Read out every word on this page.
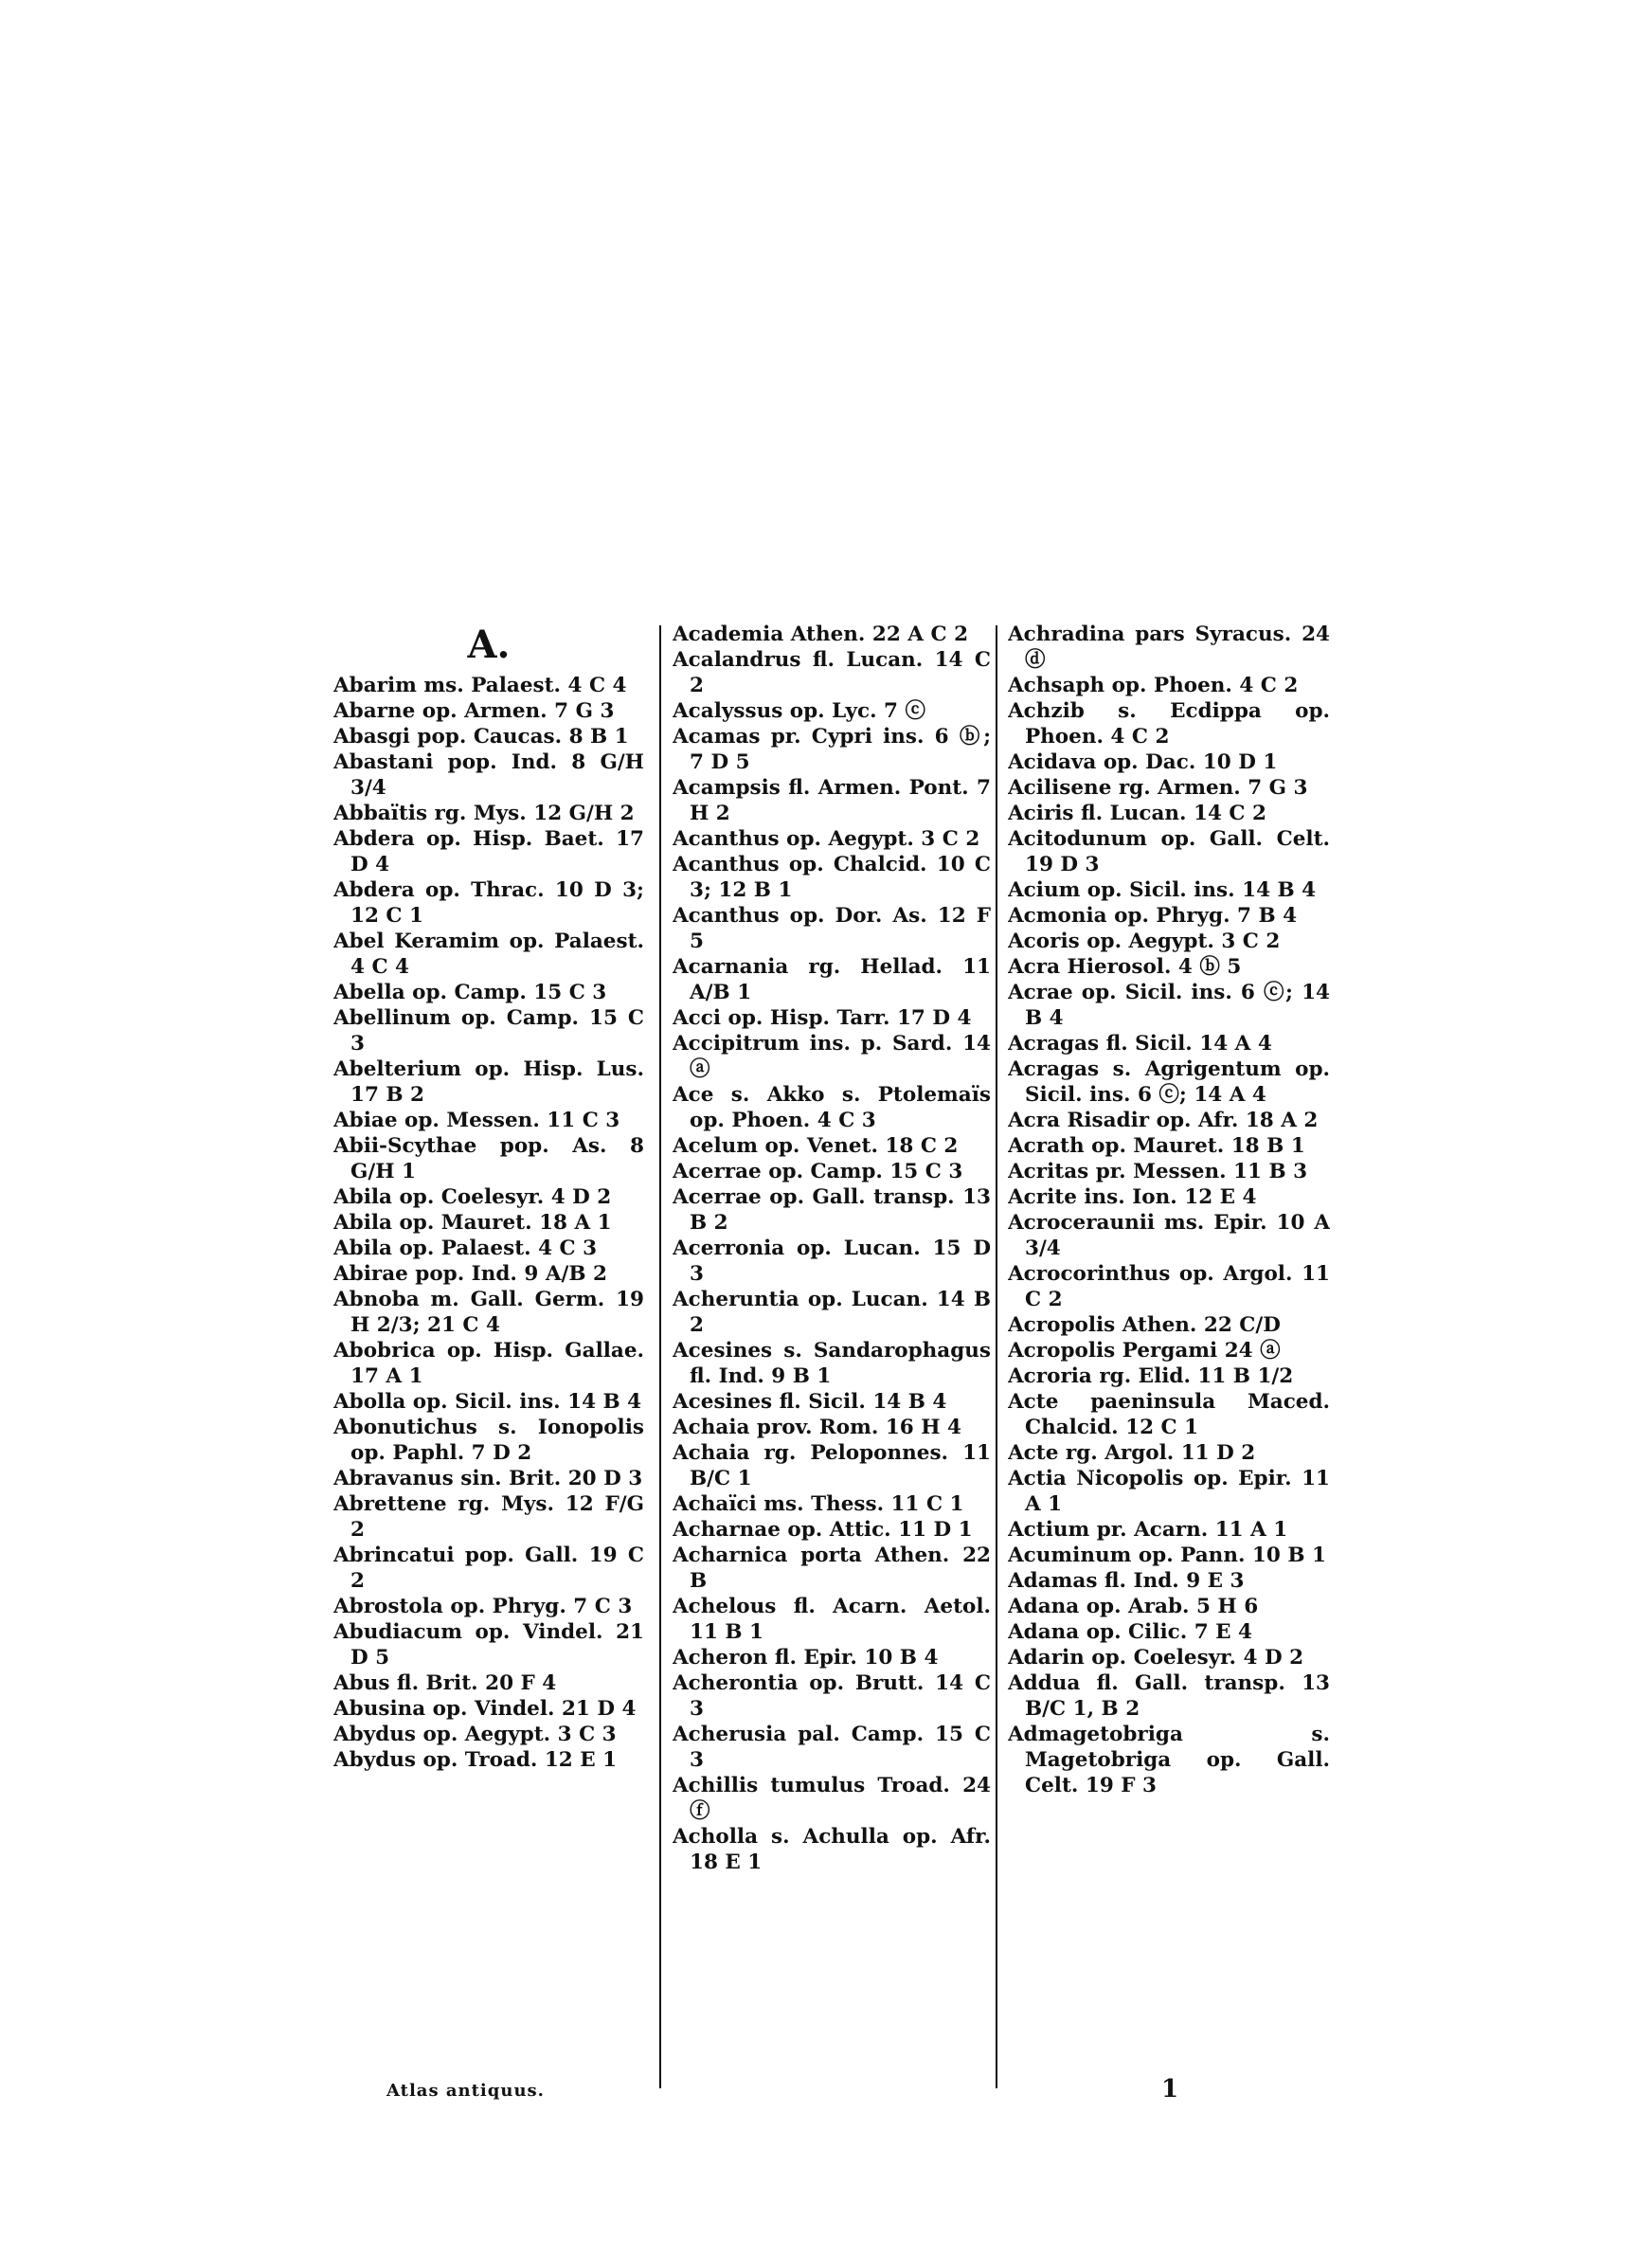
A.

Abarim ms. Palaest. 4 C 4

Abarne op. Armen. 7 G 3

Abasgi pop. Caucas. 8 B 1

Abastani pop. Ind. 8 G/H 3/4

Abbaïtis rg. Mys. 12 G/H 2

Abdera op. Hisp. Baet. 17 D 4

Abdera op. Thrac. 10 D 3; 12 C 1

Abel Keramim op. Palaest. 4 C 4

Abella op. Camp. 15 C 3

Abellinum op. Camp. 15 C 3

Abelterium op. Hisp. Lus. 17 B 2

Abiae op. Messen. 11 C 3

Abii-Scythae pop. As. 8 G/H 1

Abila op. Coelesyr. 4 D 2

Abila op. Mauret. 18 A 1

Abila op. Palaest. 4 C 3

Abirae pop. Ind. 9 A/B 2

Abnoba m. Gall. Germ. 19 H 2/3; 21 C 4

Abobrica op. Hisp. Gallae. 17 A 1

Abolla op. Sicil. ins. 14 B 4

Abonutichus s. Ionopolis op. Paphl. 7 D 2

Abravanus sin. Brit. 20 D 3

Abrettene rg. Mys. 12 F/G 2

Abrincatui pop. Gall. 19 C 2

Abrostola op. Phryg. 7 C 3

Abudiacum op. Vindel. 21 D 5

Abus fl. Brit. 20 F 4

Abusina op. Vindel. 21 D 4

Abydus op. Aegypt. 3 C 3

Abydus op. Troad. 12 E 1

Academia Athen. 22 A C 2

Acalandrus fl. Lucan. 14 C 2

Acalyssus op. Lyc. 7 ⓒ

Acamas pr. Cypri ins. 6 ⓑ; 7 D 5

Acampsis fl. Armen. Pont. 7 H 2

Acanthus op. Aegypt. 3 C 2

Acanthus op. Chalcid. 10 C 3; 12 B 1

Acanthus op. Dor. As. 12 F 5

Acarnania rg. Hellad. 11 A/B 1

Acci op. Hisp. Tarr. 17 D 4

Accipitrum ins. p. Sard. 14 ⓐ

Ace s. Akko s. Ptolemaïs op. Phoen. 4 C 3

Acelum op. Venet. 18 C 2

Acerrae op. Camp. 15 C 3

Acerrae op. Gall. transp. 13 B 2

Acerronia op. Lucan. 15 D 3

Acheruntia op. Lucan. 14 B 2

Acesines s. Sandarophagus fl. Ind. 9 B 1

Acesines fl. Sicil. 14 B 4

Achaia prov. Rom. 16 H 4

Achaia rg. Peloponnes. 11 B/C 1

Achaïci ms. Thess. 11 C 1

Acharnae op. Attic. 11 D 1

Acharnica porta Athen. 22 B

Achelous fl. Acarn. Aetol. 11 B 1

Acheron fl. Epir. 10 B 4

Acherontia op. Brutt. 14 C 3

Acherusia pal. Camp. 15 C 3

Achillis tumulus Troad. 24 ⓕ

Acholla s. Achulla op. Afr. 18 E 1

Achradina pars Syracus. 24 ⓓ

Achsaph op. Phoen. 4 C 2

Achzib s. Ecdippa op. Phoen. 4 C 2

Acidava op. Dac. 10 D 1

Acilisene rg. Armen. 7 G 3

Aciris fl. Lucan. 14 C 2

Acitodunum op. Gall. Celt. 19 D 3

Acium op. Sicil. ins. 14 B 4

Acmonia op. Phryg. 7 B 4

Acoris op. Aegypt. 3 C 2

Acra Hierosol. 4 ⓑ 5

Acrae op. Sicil. ins. 6 ⓒ; 14 B 4

Acragas fl. Sicil. 14 A 4

Acragas s. Agrigentum op. Sicil. ins. 6 ⓒ; 14 A 4

Acra Risadir op. Afr. 18 A 2

Acrath op. Mauret. 18 B 1

Acritas pr. Messen. 11 B 3

Acrite ins. Ion. 12 E 4

Acroceraunii ms. Epir. 10 A 3/4

Acrocorinthus op. Argol. 11 C 2

Acropolis Athen. 22 C/D

Acropolis Pergami 24 ⓐ

Acroria rg. Elid. 11 B 1/2

Acte paeninsula Maced. Chalcid. 12 C 1

Acte rg. Argol. 11 D 2

Actia Nicopolis op. Epir. 11 A 1

Actium pr. Acarn. 11 A 1

Acuminum op. Pann. 10 B 1

Adamas fl. Ind. 9 E 3

Adana op. Arab. 5 H 6

Adana op. Cilic. 7 E 4

Adarin op. Coelesyr. 4 D 2

Addua fl. Gall. transp. 13 B/C 1, B 2

Admagetobriga s. Magetobriga op. Gall. Celt. 19 F 3

Atlas antiquus.	1
